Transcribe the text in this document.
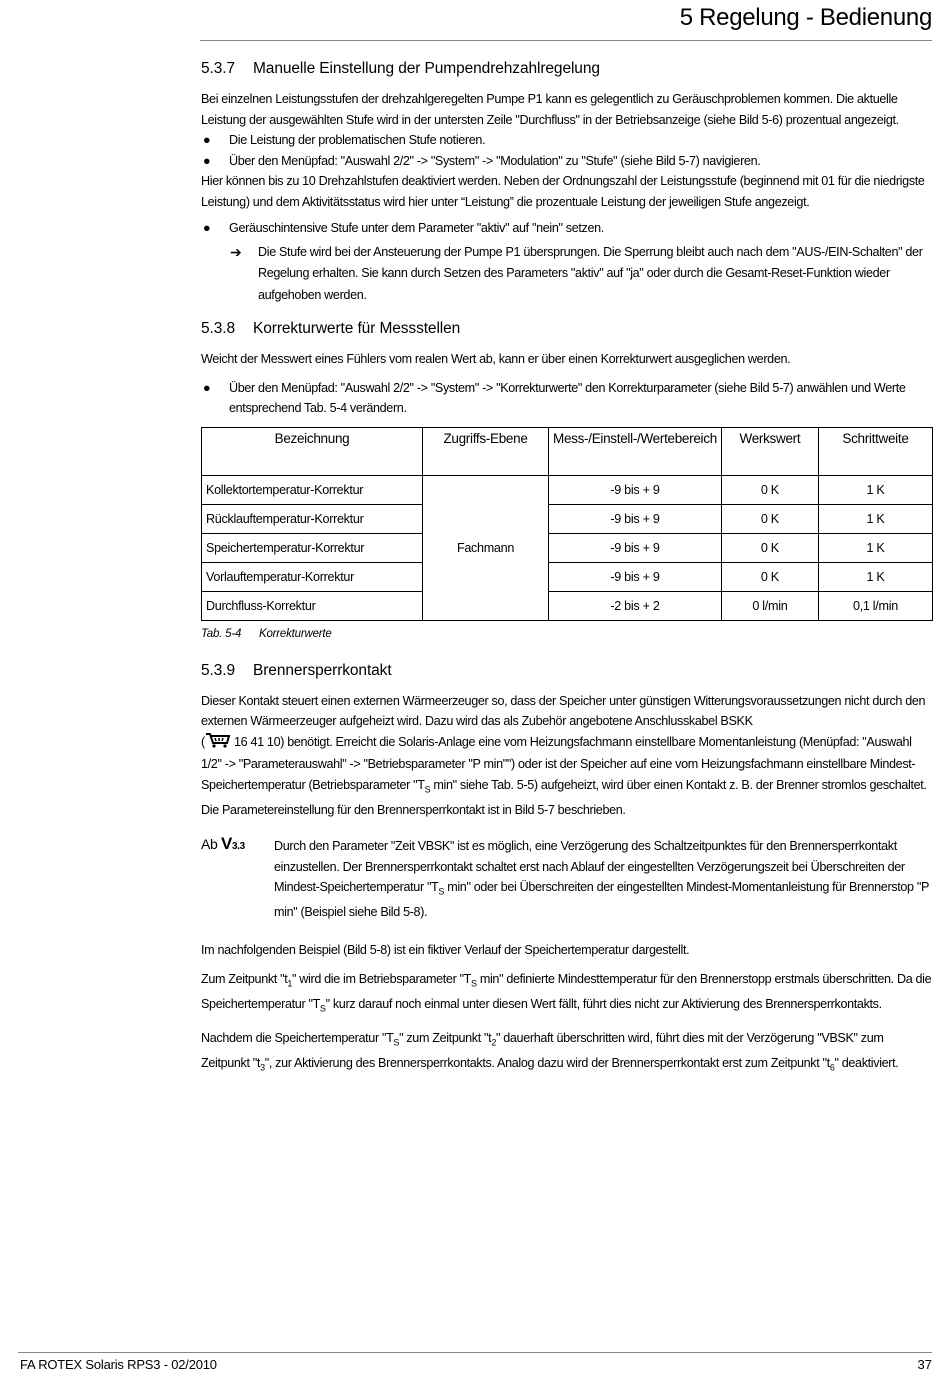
5 Regelung - Bedienung
5.3.7 Manuelle Einstellung der Pumpendrehzahlregelung

Bei einzelnen Leistungsstufen der drehzahlgeregelten Pumpe P1 kann es gelegentlich zu Geräuschproblemen kommen. Die aktuelle Leistung der ausgewählten Stufe wird in der untersten Zeile "Durchfluss" in der Betriebsanzeige (siehe Bild 5-6) prozentual angezeigt.

● Die Leistung der problematischen Stufe notieren.
● Über den Menüpfad: "Auswahl 2/2" -> "System" -> "Modulation" zu "Stufe" (siehe Bild 5-7) navigieren.

Hier können bis zu 10 Drehzahlstufen deaktiviert werden. Neben der Ordnungszahl der Leistungsstufe (beginnend mit 01 für die niedrigste Leistung) und dem Aktivitätsstatus wird hier unter “Leistung” die prozentuale Leistung der jeweiligen Stufe angezeigt.

● Geräuschintensive Stufe unter dem Parameter "aktiv" auf "nein" setzen.
➔ Die Stufe wird bei der Ansteuerung der Pumpe P1 übersprungen. Die Sperrung bleibt auch nach dem "AUS-/EIN-Schalten" der Regelung erhalten. Sie kann durch Setzen des Parameters "aktiv" auf "ja" oder durch die Gesamt-Reset-Funktion wieder aufgehoben werden.
5.3.8 Korrekturwerte für Messstellen

Weicht der Messwert eines Fühlers vom realen Wert ab, kann er über einen Korrekturwert ausgeglichen werden.

● Über den Menüpfad: "Auswahl 2/2" -> "System" -> "Korrekturwerte" den Korrekturparameter (siehe Bild 5-7) anwählen und Werte entsprechend Tab. 5-4 verändern.
Bezeichnung	Zugriffs-Ebene	Mess-/Einstell-/Wertebereich	Werkswert	Schrittweite
Kollektortemperatur-Korrektur	Fachmann	-9 bis + 9	0 K	1 K
Rücklauftemperatur-Korrektur		-9 bis + 9	0 K	1 K
Speichertemperatur-Korrektur		-9 bis + 9	0 K	1 K
Vorlauftemperatur-Korrektur		-9 bis + 9	0 K	1 K
Durchfluss-Korrektur		-2 bis + 2	0 l/min	0,1 l/min
Tab. 5-4 Korrekturwerte
5.3.9 Brennersperrkontakt

Dieser Kontakt steuert einen externen Wärmeerzeuger so, dass der Speicher unter günstigen Witterungsvoraussetzungen nicht durch den externen Wärmeerzeuger aufgeheizt wird. Dazu wird das als Zubehör angebotene Anschlusskabel BSKK
( 16 41 10) benötigt. Erreicht die Solaris-Anlage eine vom Heizungsfachmann einstellbare Momentanleistung (Menüpfad: "Auswahl 1/2" -> "Parameterauswahl" -> "Betriebsparameter "P min"") oder ist der Speicher auf eine vom Heizungsfachmann einstellbare Mindest-Speichertemperatur (Betriebsparameter "$T_S$ min" siehe Tab. 5-5) aufgeheizt, wird über einen Kontakt z. B. der Brenner stromlos geschaltet. Die Parametereinstellung für den Brennersperrkontakt ist in Bild 5-7 beschrieben.

Ab V3.3 Durch den Parameter "Zeit VBSK" ist es möglich, eine Verzögerung des Schaltzeitpunktes für den Brennersperrkontakt einzustellen. Der Brennersperrkontakt schaltet erst nach Ablauf der eingestellten Verzögerungszeit bei Überschreiten der Mindest-Speichertemperatur "$T_S$ min" oder bei Überschreiten der eingestellten Mindest-Momentanleistung für Brennerstop "P min" (Beispiel siehe Bild 5-8).

Im nachfolgenden Beispiel (Bild 5-8) ist ein fiktiver Verlauf der Speichertemperatur dargestellt.

Zum Zeitpunkt "$t_1$" wird die im Betriebsparameter "$T_S$ min" definierte Mindesttemperatur für den Brennerstopp erstmals überschritten. Da die Speichertemperatur "$T_S$" kurz darauf noch einmal unter diesen Wert fällt, führt dies nicht zur Aktivierung des Brennersperrkontakts.

Nachdem die Speichertemperatur "$T_S$" zum Zeitpunkt "$t_2$" dauerhaft überschritten wird, führt dies mit der Verzögerung "VBSK" zum Zeitpunkt "$t_3$", zur Aktivierung des Brennersperrkontakts. Analog dazu wird der Brennersperrkontakt erst zum Zeitpunkt "$t_6$" deaktiviert.

FA ROTEX Solaris RPS3 - 02/2010	37
